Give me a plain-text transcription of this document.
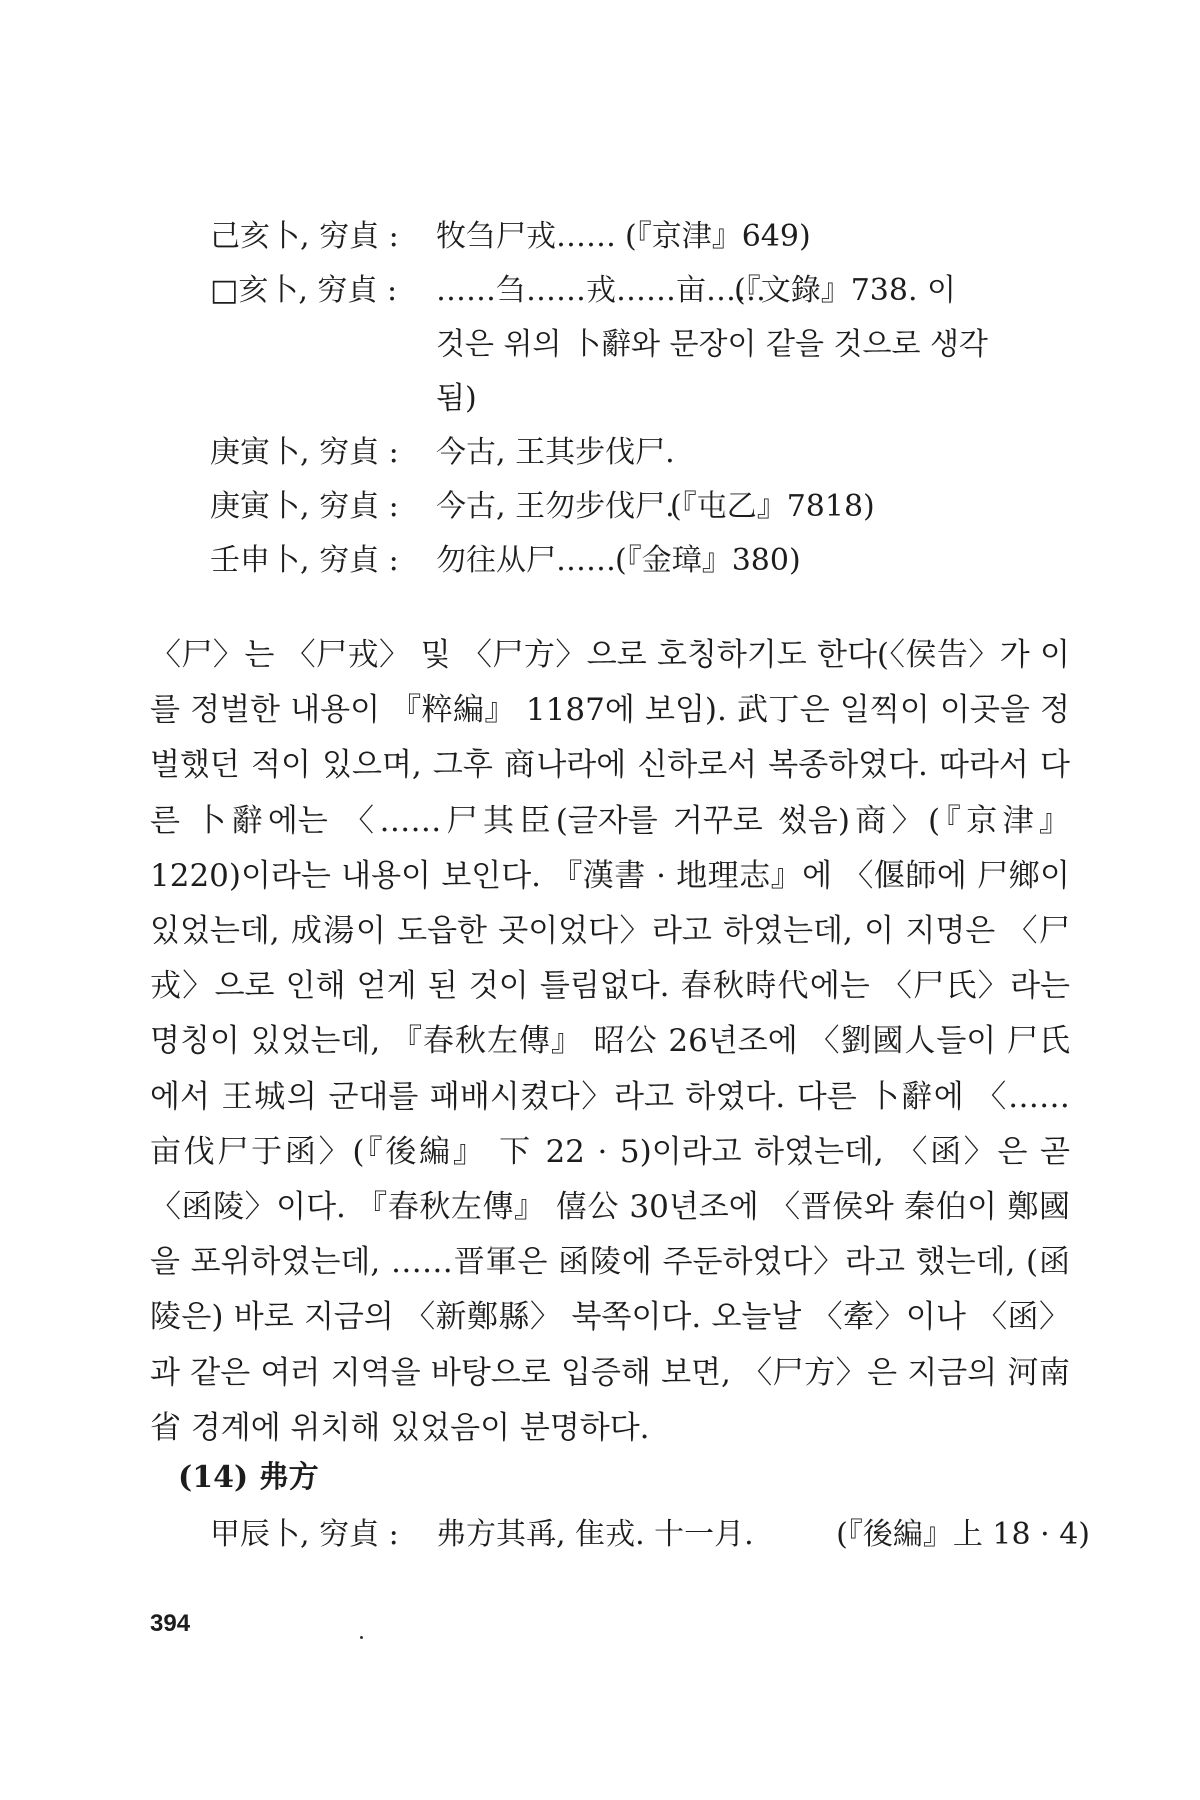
己亥卜, 穷貞 : 牧刍尸戎…… (『京津』649)
□亥卜, 穷貞 : ……刍……戎……亩……
(『文錄』738. 이
것은 위의 卜辭와 문장이 같을 것으로 생각
됨)
庚寅卜, 穷貞 : 今古, 王其步伐尸.
庚寅卜, 穷貞 : 今古, 王勿步伐尸.
(『屯乙』7818)
壬申卜, 穷貞 : 勿往从尸…… (『金璋』380)

〈尸〉는 〈尸戎〉 및 〈尸方〉으로 호칭하기도 한다(〈侯告〉가 이를 정벌한 내용이 『粹編』 1187에 보임). 武丁은 일찍이 이곳을 정벌했던 적이 있으며, 그후 商나라에 신하로서 복종하였다. 따라서 다른 卜辭에는 〈……尸其臣(글자를 거꾸로 썼음)商〉(『京津』 1220)이라는 내용이 보인다. 『漢書 · 地理志』에 〈偃師에 尸鄉이 있었는데, 成湯이 도읍한 곳이었다〉라고 하였는데, 이 지명은 〈尸戎〉으로 인해 얻게 된 것이 틀림없다. 春秋時代에는 〈尸氏〉라는 명칭이 있었는데, 『春秋左傳』 昭公 26년조에 〈劉國人들이 尸氏에서 王城의 군대를 패배시켰다〉라고 하였다. 다른 卜辭에 〈……亩伐尸于函〉(『後編』 下 22 · 5)이라고 하였는데, 〈函〉은 곧 〈函陵〉이다. 『春秋左傳』 僖公 30년조에 〈晋侯와 秦伯이 鄭國을 포위하였는데, ……晋軍은 函陵에 주둔하였다〉라고 했는데, (函陵은) 바로 지금의 〈新鄭縣〉 북쪽이다. 오늘날 〈牽〉이나 〈函〉과 같은 여러 지역을 바탕으로 입증해 보면, 〈尸方〉은 지금의 河南省 경계에 위치해 있었음이 분명하다.

(14) 弗方
甲辰卜, 穷貞 : 弗方其爯, 隹戎. 十一月.	(『後編』上 18 · 4)
394
